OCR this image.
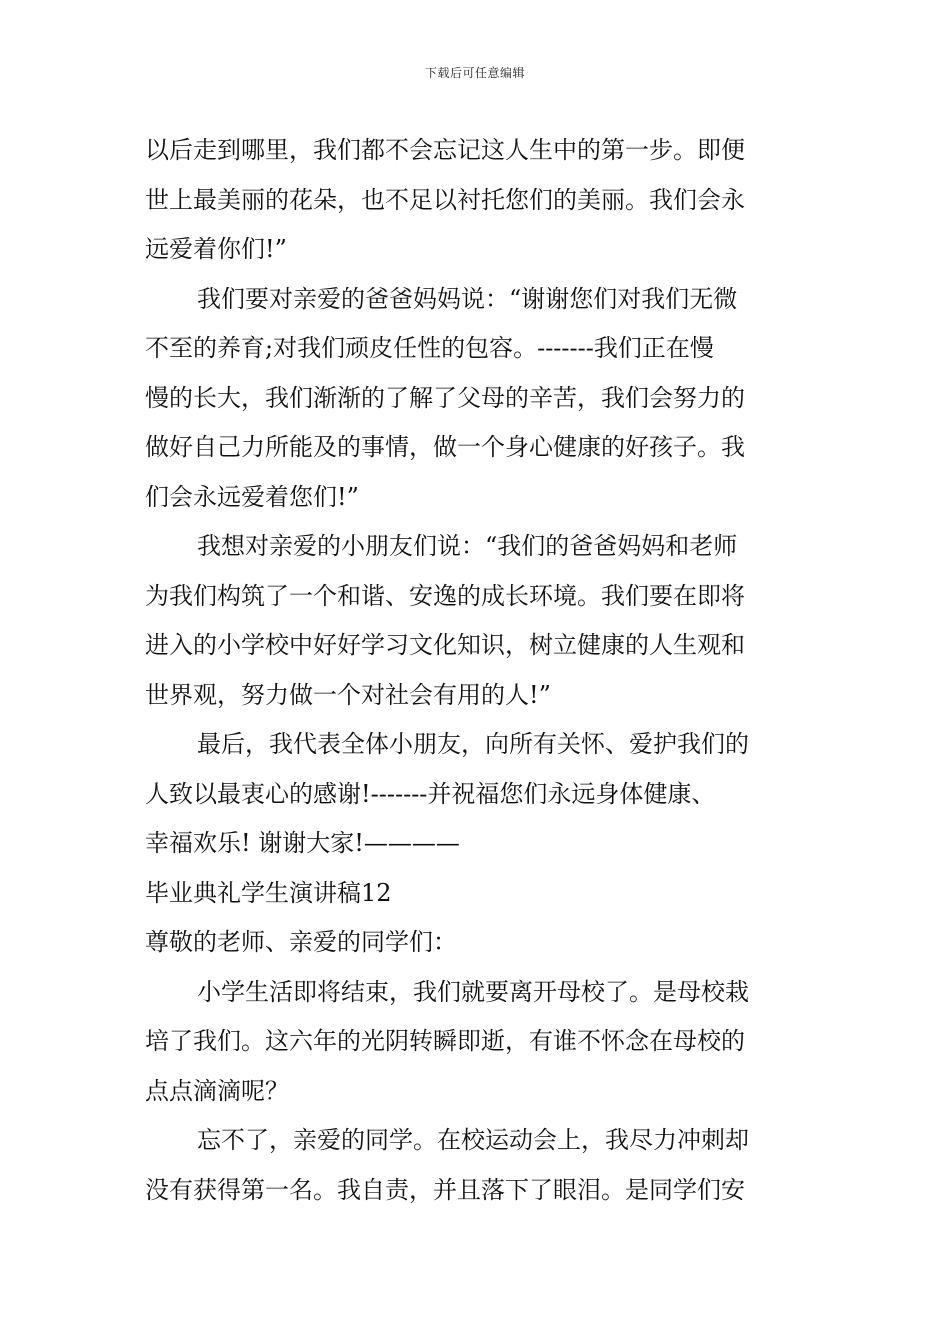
下载后可任意编辑
以后走到哪里，我们都不会忘记这人生中的第一步。即便
世上最美丽的花朵，也不足以衬托您们的美丽。我们会永
远爱着你们!”
我们要对亲爱的爸爸妈妈说：“谢谢您们对我们无微
不至的养育;对我们顽皮任性的包容。-------我们正在慢
慢的长大，我们渐渐的了解了父母的辛苦，我们会努力的
做好自己力所能及的事情，做一个身心健康的好孩子。我
们会永远爱着您们!”
我想对亲爱的小朋友们说：“我们的爸爸妈妈和老师
为我们构筑了一个和谐、安逸的成长环境。我们要在即将
进入的小学校中好好学习文化知识，树立健康的人生观和
世界观，努力做一个对社会有用的人!”
最后，我代表全体小朋友，向所有关怀、爱护我们的
人致以最衷心的感谢!-------并祝福您们永远身体健康、
幸福欢乐! 谢谢大家!————
毕业典礼学生演讲稿12
尊敬的老师、亲爱的同学们：
小学生活即将结束，我们就要离开母校了。是母校栽
培了我们。这六年的光阴转瞬即逝，有谁不怀念在母校的
点点滴滴呢？
忘不了，亲爱的同学。在校运动会上，我尽力冲刺却
没有获得第一名。我自责，并且落下了眼泪。是同学们安
